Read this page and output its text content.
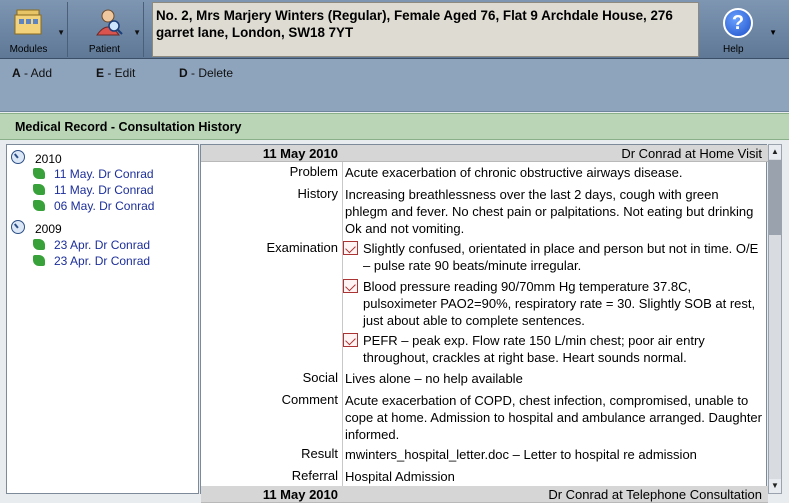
Modules
▼
Patient
▼
No. 2, Mrs Marjery Winters (Regular), Female Aged 76, Flat 9 Archdale House, 276 garret lane, London, SW18 7YT	?
Help
▼
A - Add	E - Edit	D - Delete
Medical Record - Consultation History
2010
11 May. Dr Conrad
11 May. Dr Conrad
06 May. Dr Conrad
2009
23 Apr. Dr Conrad
23 Apr. Dr Conrad
11 May 2010	Dr Conrad at Home Visit
Problem Acute exacerbation of chronic obstructive airways disease.
History Increasing breathlessness over the last 2 days, cough with green phlegm and fever. No chest pain or palpitations. Not eating but drinking Ok and not vomiting.
Examination Slightly confused, orientated in place and person but not in time. O/E – pulse rate 90 beats/minute irregular.
Blood pressure reading 90/70mm Hg temperature 37.8C, pulsoximeter PAO2=90%, respiratory rate = 30. Slightly SOB at rest, just about able to complete sentences.
PEFR – peak exp. Flow rate 150 L/min chest; poor air entry throughout, crackles at right base. Heart sounds normal.
Social Lives alone – no help available
Comment Acute exacerbation of COPD, chest infection, compromised, unable to cope at home. Admission to hospital and ambulance arranged. Daughter informed.
Result mwinters_hospital_letter.doc – Letter to hospital re admission
Referral Hospital Admission
11 May 2010	Dr Conrad at Telephone Consultation
▲
▼
